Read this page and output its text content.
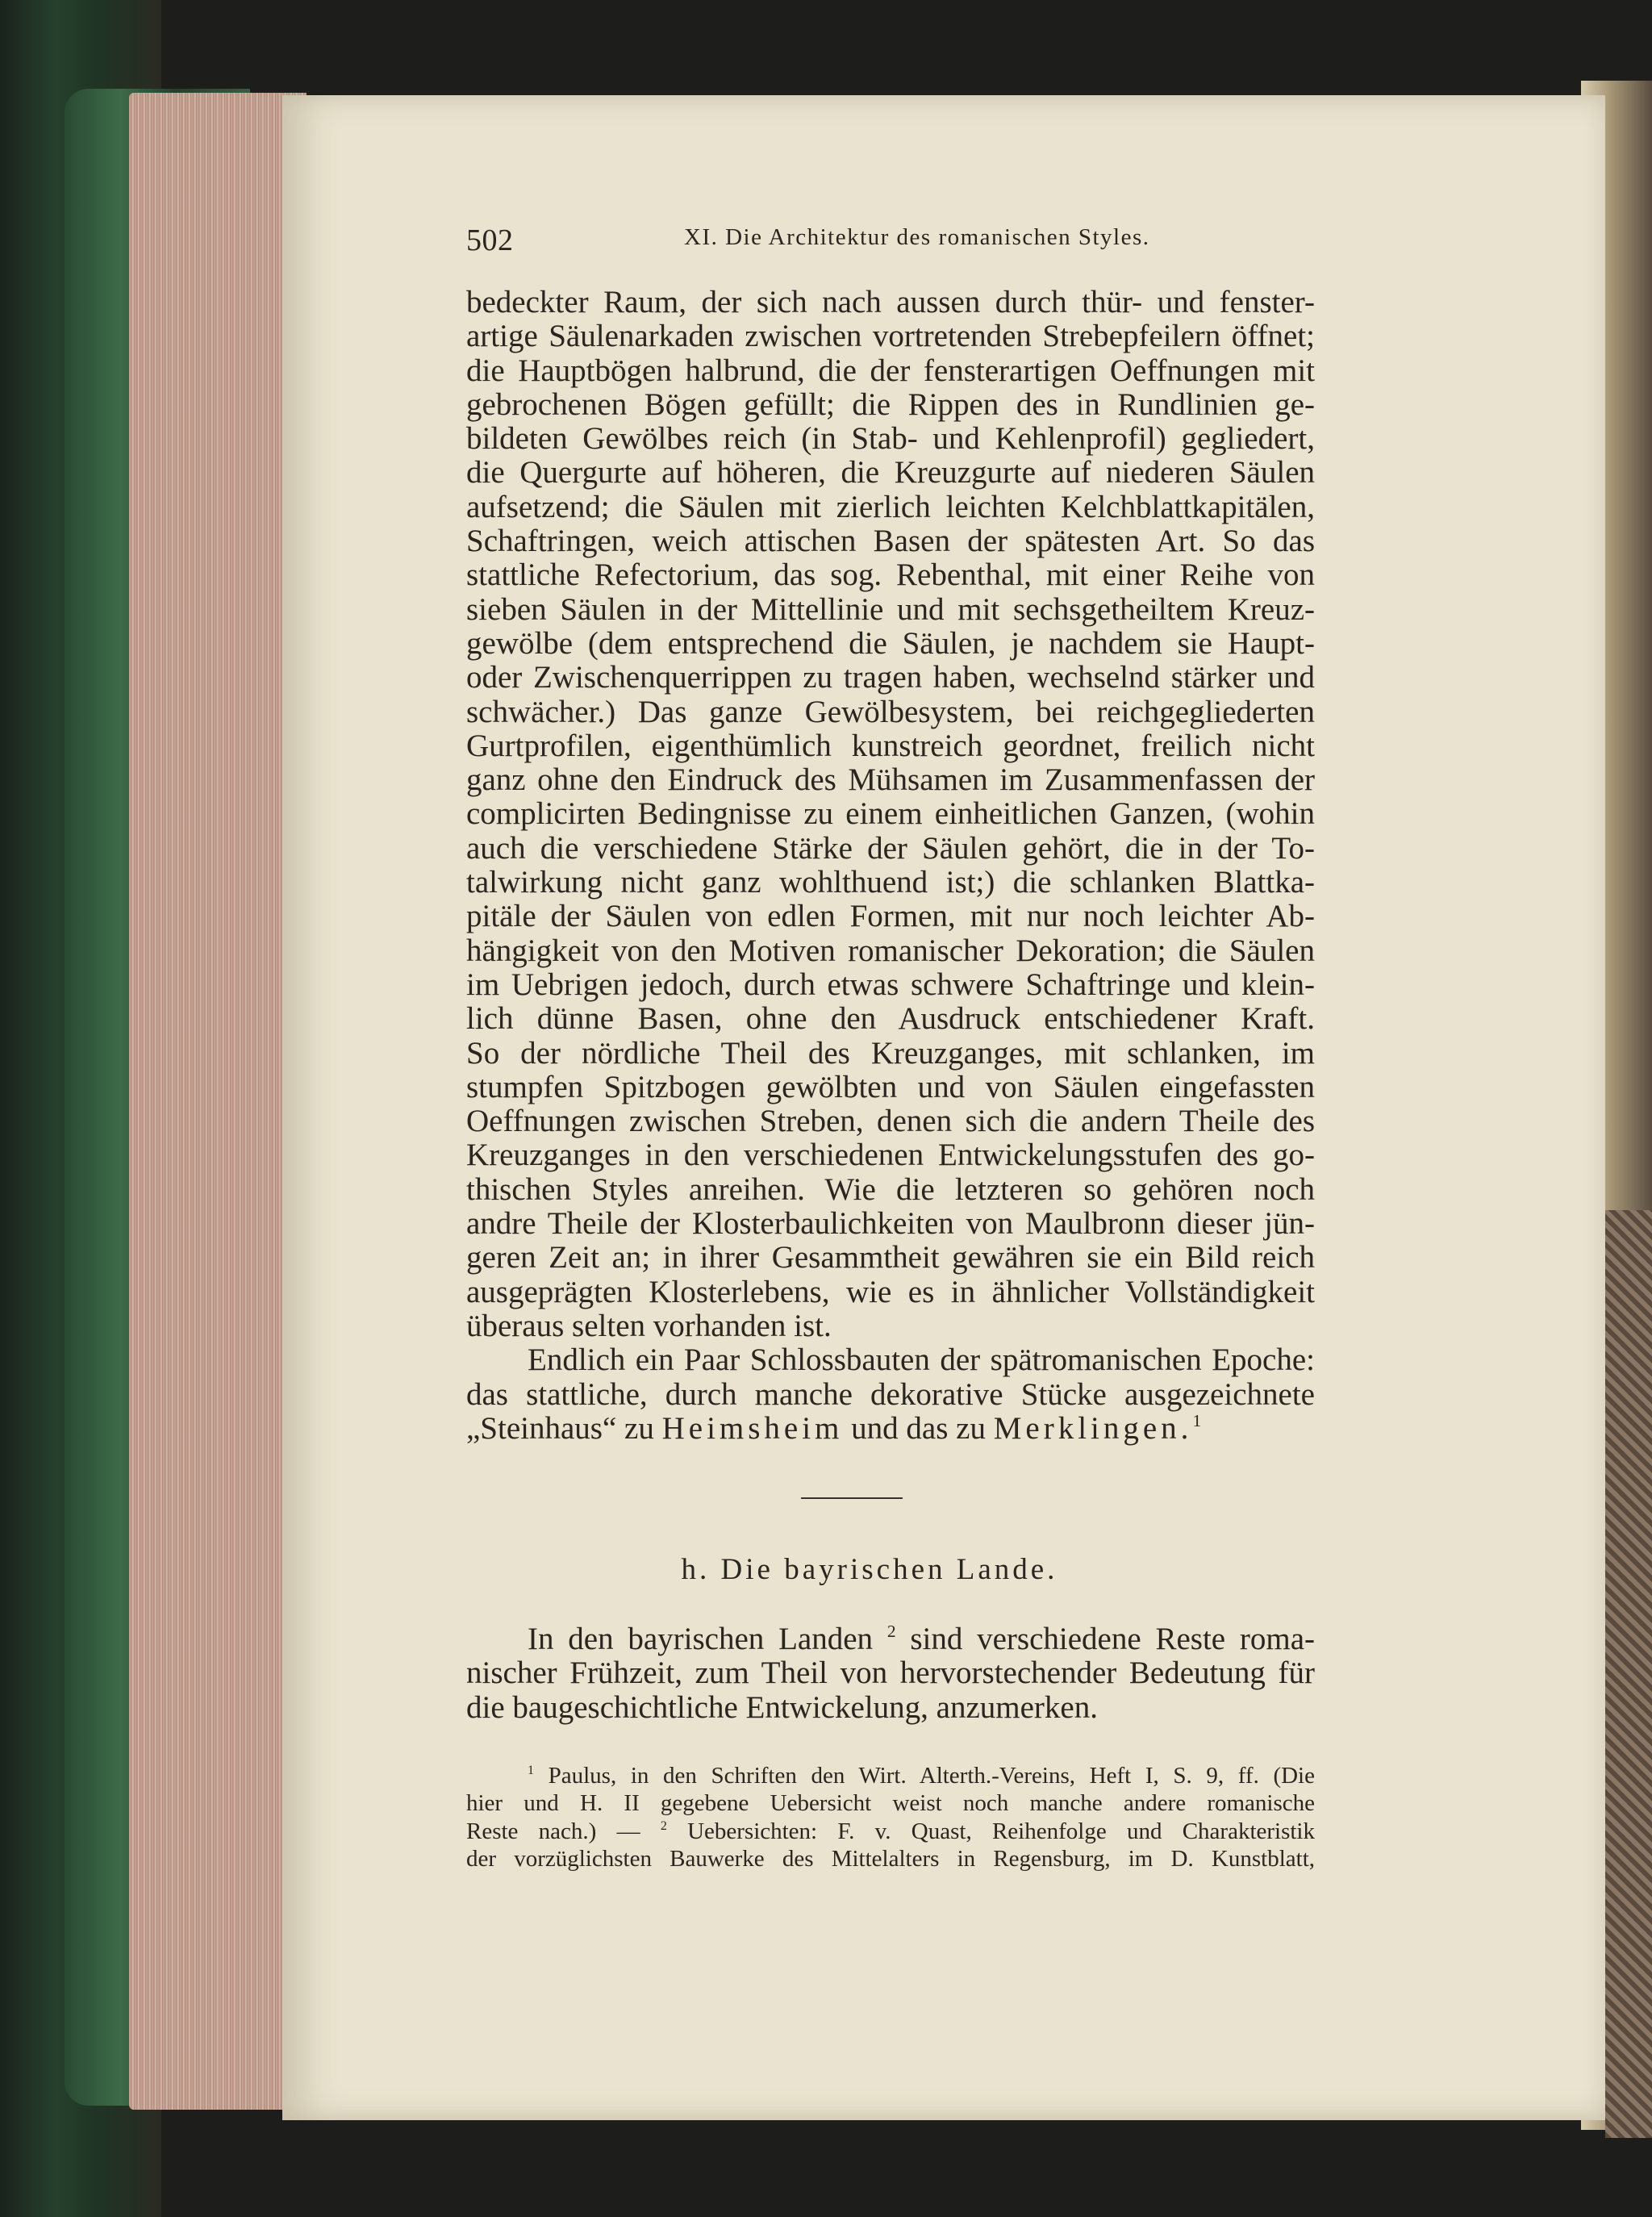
502	XI. Die Architektur des romanischen Styles.
bedeckter Raum, der sich nach aussen durch thür- und fenster-
artige Säulenarkaden zwischen vortretenden Strebepfeilern öffnet;
die Hauptbögen halbrund, die der fensterartigen Oeffnungen mit
gebrochenen Bögen gefüllt; die Rippen des in Rundlinien ge-
bildeten Gewölbes reich (in Stab- und Kehlenprofil) gegliedert,
die Quergurte auf höheren, die Kreuzgurte auf niederen Säulen
aufsetzend; die Säulen mit zierlich leichten Kelchblattkapitälen,
Schaftringen, weich attischen Basen der spätesten Art. So das
stattliche Refectorium, das sog. Rebenthal, mit einer Reihe von
sieben Säulen in der Mittellinie und mit sechsgetheiltem Kreuz-
gewölbe (dem entsprechend die Säulen, je nachdem sie Haupt-
oder Zwischenquerrippen zu tragen haben, wechselnd stärker und
schwächer.) Das ganze Gewölbesystem, bei reichgegliederten
Gurtprofilen, eigenthümlich kunstreich geordnet, freilich nicht
ganz ohne den Eindruck des Mühsamen im Zusammenfassen der
complicirten Bedingnisse zu einem einheitlichen Ganzen, (wohin
auch die verschiedene Stärke der Säulen gehört, die in der To-
talwirkung nicht ganz wohlthuend ist;) die schlanken Blattka-
pitäle der Säulen von edlen Formen, mit nur noch leichter Ab-
hängigkeit von den Motiven romanischer Dekoration; die Säulen
im Uebrigen jedoch, durch etwas schwere Schaftringe und klein-
lich dünne Basen, ohne den Ausdruck entschiedener Kraft.
So der nördliche Theil des Kreuzganges, mit schlanken, im
stumpfen Spitzbogen gewölbten und von Säulen eingefassten
Oeffnungen zwischen Streben, denen sich die andern Theile des
Kreuzganges in den verschiedenen Entwickelungsstufen des go-
thischen Styles anreihen. Wie die letzteren so gehören noch
andre Theile der Klosterbaulichkeiten von Maulbronn dieser jün-
geren Zeit an; in ihrer Gesammtheit gewähren sie ein Bild reich
ausgeprägten Klosterlebens, wie es in ähnlicher Vollständigkeit
überaus selten vorhanden ist.
Endlich ein Paar Schlossbauten der spätromanischen Epoche:
das stattliche, durch manche dekorative Stücke ausgezeichnete
„Steinhaus“ zu Heimsheim und das zu Merklingen.$^1$
h. Die bayrischen Lande.
In den bayrischen Landen $^2$ sind verschiedene Reste roma-
nischer Frühzeit, zum Theil von hervorstechender Bedeutung für
die baugeschichtliche Entwickelung, anzumerken.
$^1$ Paulus, in den Schriften den Wirt. Alterth.-Vereins, Heft I, S. 9, ff. (Die
hier und H. II gegebene Uebersicht weist noch manche andere romanische
Reste nach.) — $^2$ Uebersichten: F. v. Quast, Reihenfolge und Charakteristik
der vorzüglichsten Bauwerke des Mittelalters in Regensburg, im D. Kunstblatt,
